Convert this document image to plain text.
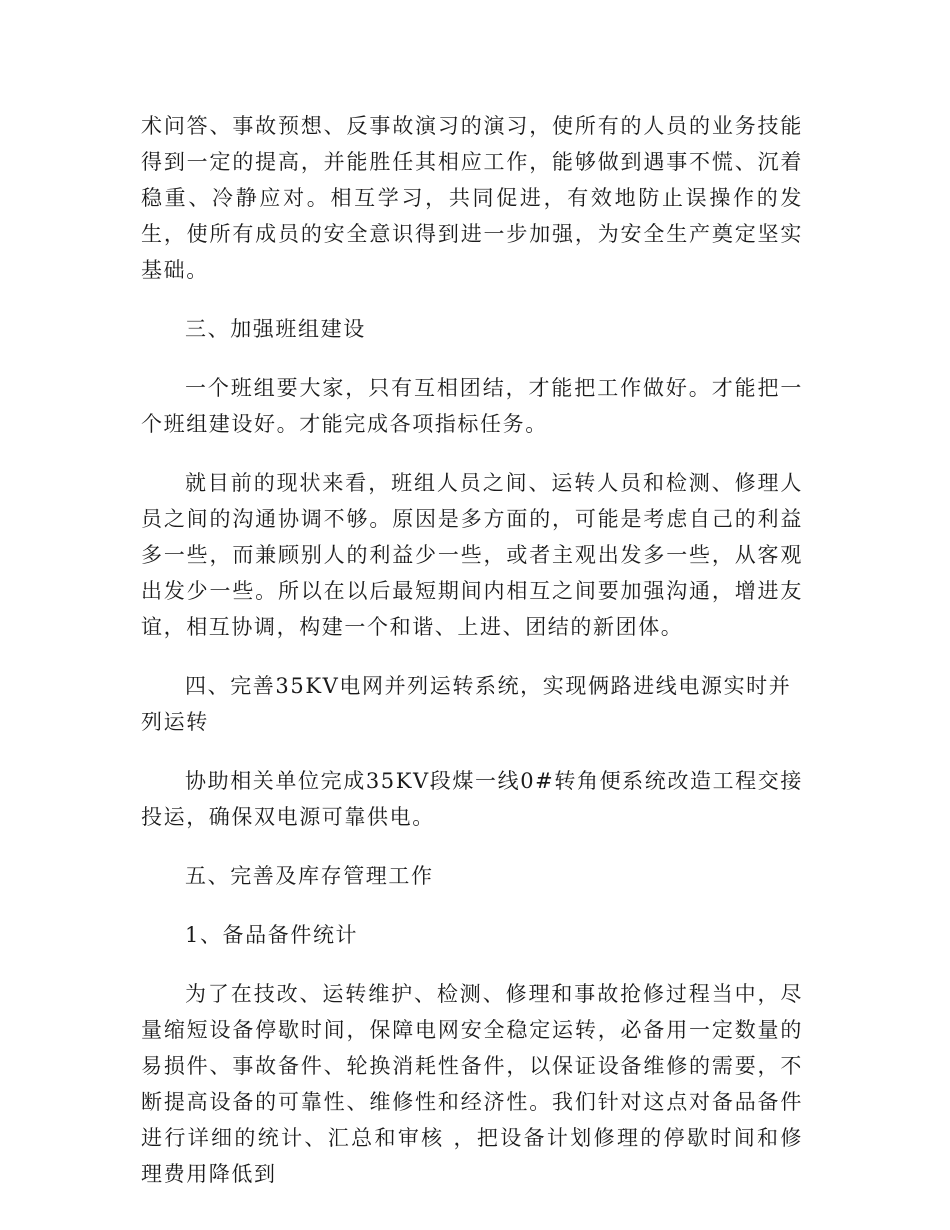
术问答、事故预想、反事故演习的演习，使所有的人员的业务技能得到一定的提高，并能胜任其相应工作，能够做到遇事不慌、沉着稳重、冷静应对。相互学习，共同促进，有效地防止误操作的发生，使所有成员的安全意识得到进一步加强，为安全生产奠定坚实基础。

三、加强班组建设

一个班组要大家，只有互相团结，才能把工作做好。才能把一个班组建设好。才能完成各项指标任务。

就目前的现状来看，班组人员之间、运转人员和检测、修理人员之间的沟通协调不够。原因是多方面的，可能是考虑自己的利益多一些，而兼顾别人的利益少一些，或者主观出发多一些，从客观出发少一些。所以在以后最短期间内相互之间要加强沟通，增进友谊，相互协调，构建一个和谐、上进、团结的新团体。

四、完善35KV电网并列运转系统，实现俩路进线电源实时并列运转

协助相关单位完成35KV段煤一线0#转角便系统改造工程交接投运，确保双电源可靠供电。

五、完善及库存管理工作

1、备品备件统计

为了在技改、运转维护、检测、修理和事故抢修过程当中，尽量缩短设备停歇时间，保障电网安全稳定运转，必备用一定数量的易损件、事故备件、轮换消耗性备件，以保证设备维修的需要，不断提高设备的可靠性、维修性和经济性。我们针对这点对备品备件进行详细的统计、汇总和审核 ，把设备计划修理的停歇时间和修理费用降低到
